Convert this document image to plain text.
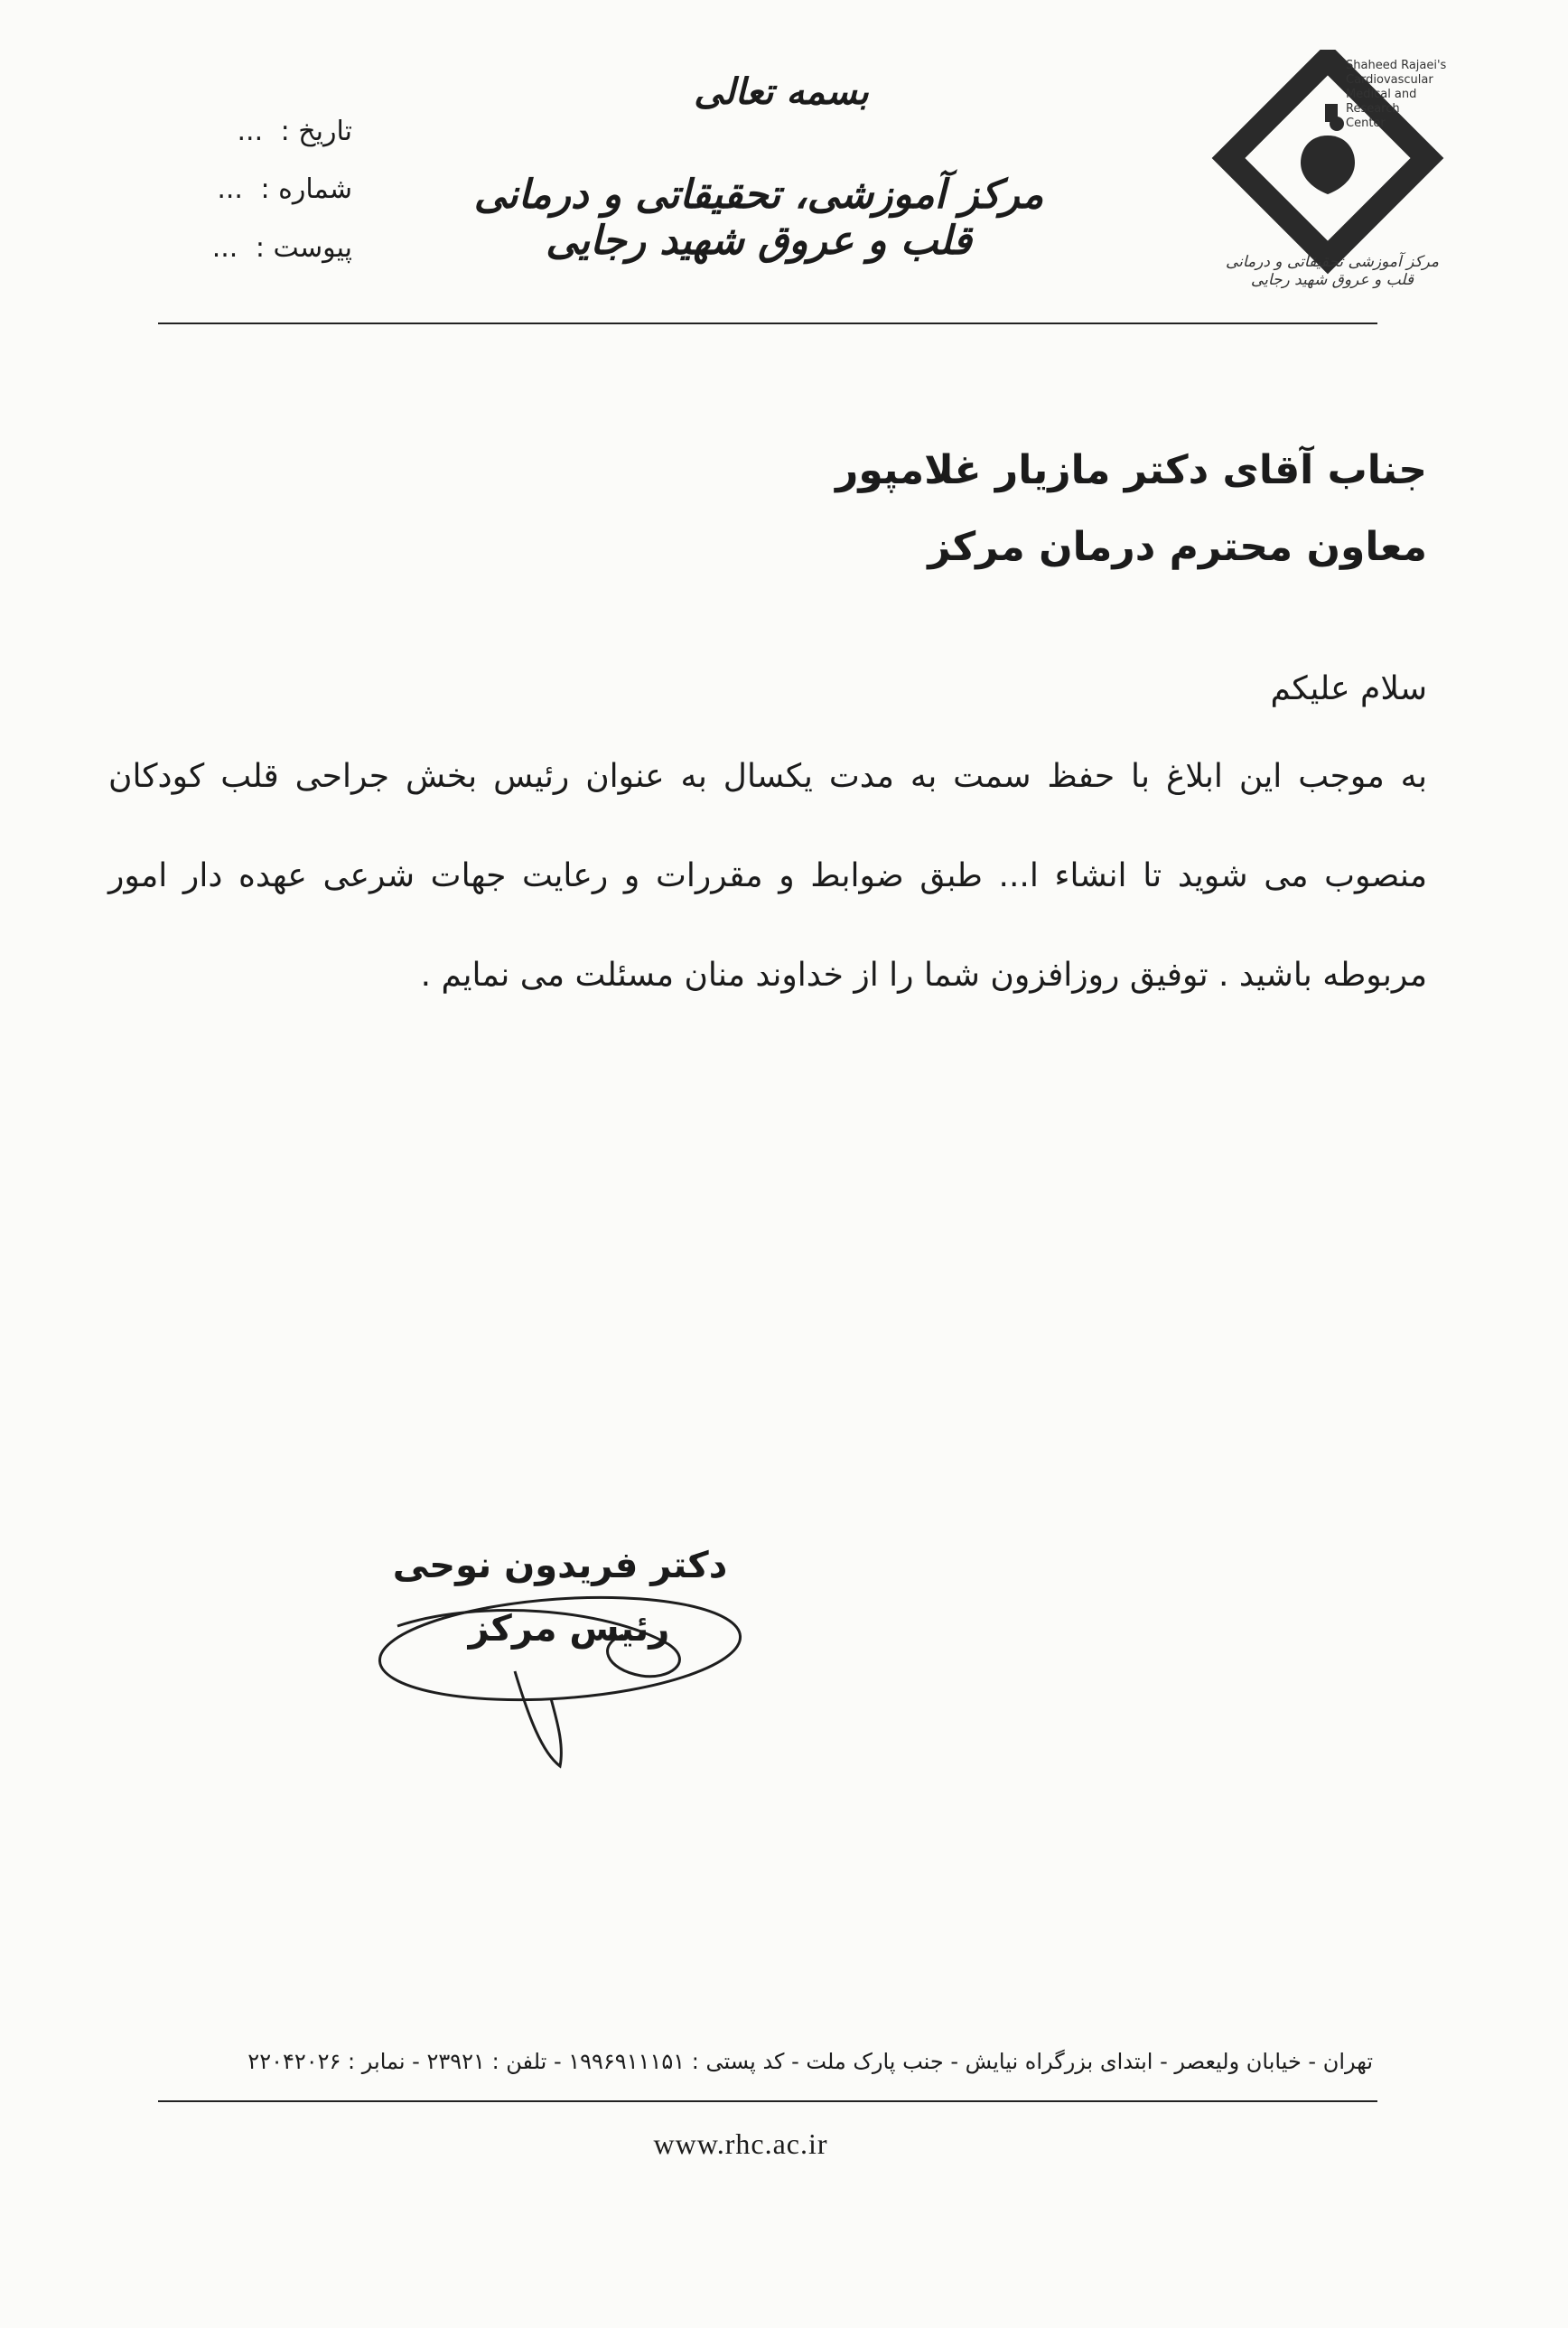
Shaheed Rajaei's
Cardiovascular
Medical and
Research
Center
مرکز آموزشی تحقیقاتی و درمانی قلب و عروق شهید رجایی
بسمه تعالی
مرکز آموزشی، تحقیقاتی و درمانی قلب و عروق شهید رجایی
تاریخ : ...
شماره : ...
پیوست : ...
جناب آقای دکتر مازیار غلامپور
معاون محترم درمان مرکز
سلام علیکم
به موجب این ابلاغ با حفظ سمت به مدت یکسال به عنوان رئیس بخش جراحی قلب کودکان منصوب می شوید تا انشاء ا... طبق ضوابط و مقررات و رعایت جهات شرعی عهده دار امور مربوطه باشید . توفیق روزافزون شما را از خداوند منان مسئلت می نمایم .
دکتر فریدون نوحی
رئیس مرکز
تهران - خیابان ولیعصر - ابتدای بزرگراه نیایش - جنب پارک ملت - کد پستی : ۱۹۹۶۹۱۱۱۵۱ - تلفن : ۲۳۹۲۱ - نمابر : ۲۲۰۴۲۰۲۶
www.rhc.ac.ir
